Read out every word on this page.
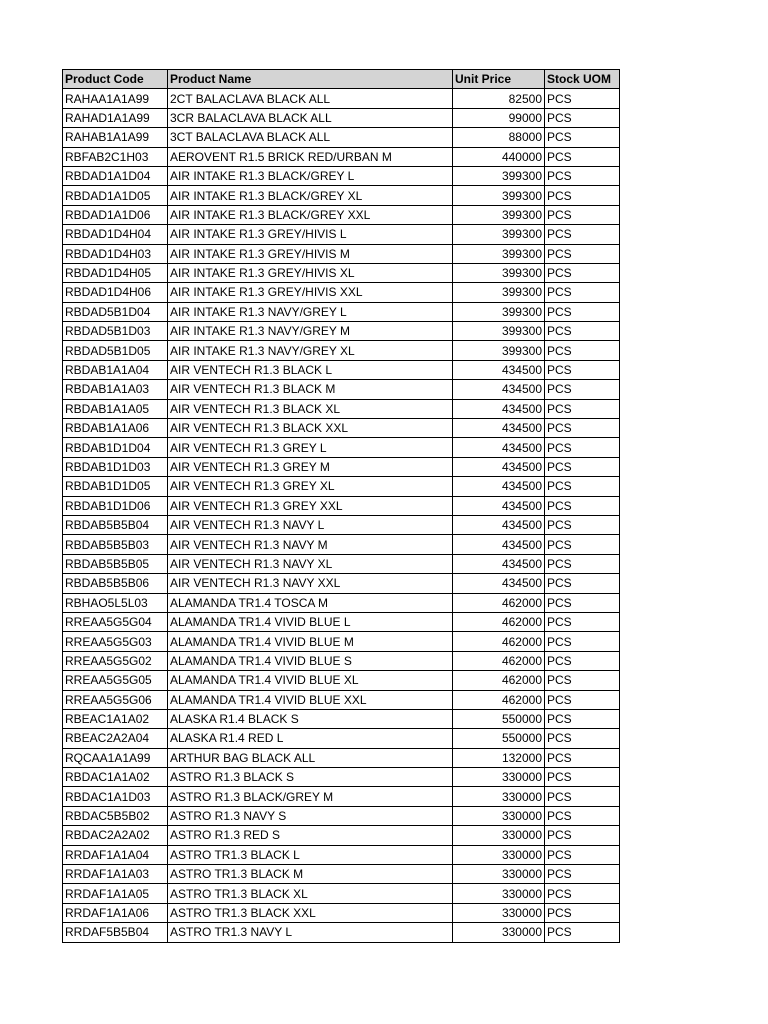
Product Code	Product Name	Unit Price	Stock UOM
RAHAA1A1A99	2CT BALACLAVA BLACK ALL	82500	PCS
RAHAD1A1A99	3CR BALACLAVA BLACK ALL	99000	PCS
RAHAB1A1A99	3CT BALACLAVA BLACK ALL	88000	PCS
RBFAB2C1H03	AEROVENT R1.5 BRICK RED/URBAN M	440000	PCS
RBDAD1A1D04	AIR INTAKE R1.3 BLACK/GREY L	399300	PCS
RBDAD1A1D05	AIR INTAKE R1.3 BLACK/GREY XL	399300	PCS
RBDAD1A1D06	AIR INTAKE R1.3 BLACK/GREY XXL	399300	PCS
RBDAD1D4H04	AIR INTAKE R1.3 GREY/HIVIS L	399300	PCS
RBDAD1D4H03	AIR INTAKE R1.3 GREY/HIVIS M	399300	PCS
RBDAD1D4H05	AIR INTAKE R1.3 GREY/HIVIS XL	399300	PCS
RBDAD1D4H06	AIR INTAKE R1.3 GREY/HIVIS XXL	399300	PCS
RBDAD5B1D04	AIR INTAKE R1.3 NAVY/GREY L	399300	PCS
RBDAD5B1D03	AIR INTAKE R1.3 NAVY/GREY M	399300	PCS
RBDAD5B1D05	AIR INTAKE R1.3 NAVY/GREY XL	399300	PCS
RBDAB1A1A04	AIR VENTECH R1.3 BLACK L	434500	PCS
RBDAB1A1A03	AIR VENTECH R1.3 BLACK M	434500	PCS
RBDAB1A1A05	AIR VENTECH R1.3 BLACK XL	434500	PCS
RBDAB1A1A06	AIR VENTECH R1.3 BLACK XXL	434500	PCS
RBDAB1D1D04	AIR VENTECH R1.3 GREY L	434500	PCS
RBDAB1D1D03	AIR VENTECH R1.3 GREY M	434500	PCS
RBDAB1D1D05	AIR VENTECH R1.3 GREY XL	434500	PCS
RBDAB1D1D06	AIR VENTECH R1.3 GREY XXL	434500	PCS
RBDAB5B5B04	AIR VENTECH R1.3 NAVY L	434500	PCS
RBDAB5B5B03	AIR VENTECH R1.3 NAVY M	434500	PCS
RBDAB5B5B05	AIR VENTECH R1.3 NAVY XL	434500	PCS
RBDAB5B5B06	AIR VENTECH R1.3 NAVY XXL	434500	PCS
RBHAO5L5L03	ALAMANDA TR1.4 TOSCA M	462000	PCS
RREAA5G5G04	ALAMANDA TR1.4 VIVID BLUE L	462000	PCS
RREAA5G5G03	ALAMANDA TR1.4 VIVID BLUE M	462000	PCS
RREAA5G5G02	ALAMANDA TR1.4 VIVID BLUE S	462000	PCS
RREAA5G5G05	ALAMANDA TR1.4 VIVID BLUE XL	462000	PCS
RREAA5G5G06	ALAMANDA TR1.4 VIVID BLUE XXL	462000	PCS
RBEAC1A1A02	ALASKA R1.4 BLACK S	550000	PCS
RBEAC2A2A04	ALASKA R1.4 RED L	550000	PCS
RQCAA1A1A99	ARTHUR BAG BLACK ALL	132000	PCS
RBDAC1A1A02	ASTRO R1.3 BLACK S	330000	PCS
RBDAC1A1D03	ASTRO R1.3 BLACK/GREY M	330000	PCS
RBDAC5B5B02	ASTRO R1.3 NAVY S	330000	PCS
RBDAC2A2A02	ASTRO R1.3 RED S	330000	PCS
RRDAF1A1A04	ASTRO TR1.3 BLACK L	330000	PCS
RRDAF1A1A03	ASTRO TR1.3 BLACK M	330000	PCS
RRDAF1A1A05	ASTRO TR1.3 BLACK XL	330000	PCS
RRDAF1A1A06	ASTRO TR1.3 BLACK XXL	330000	PCS
RRDAF5B5B04	ASTRO TR1.3 NAVY L	330000	PCS
